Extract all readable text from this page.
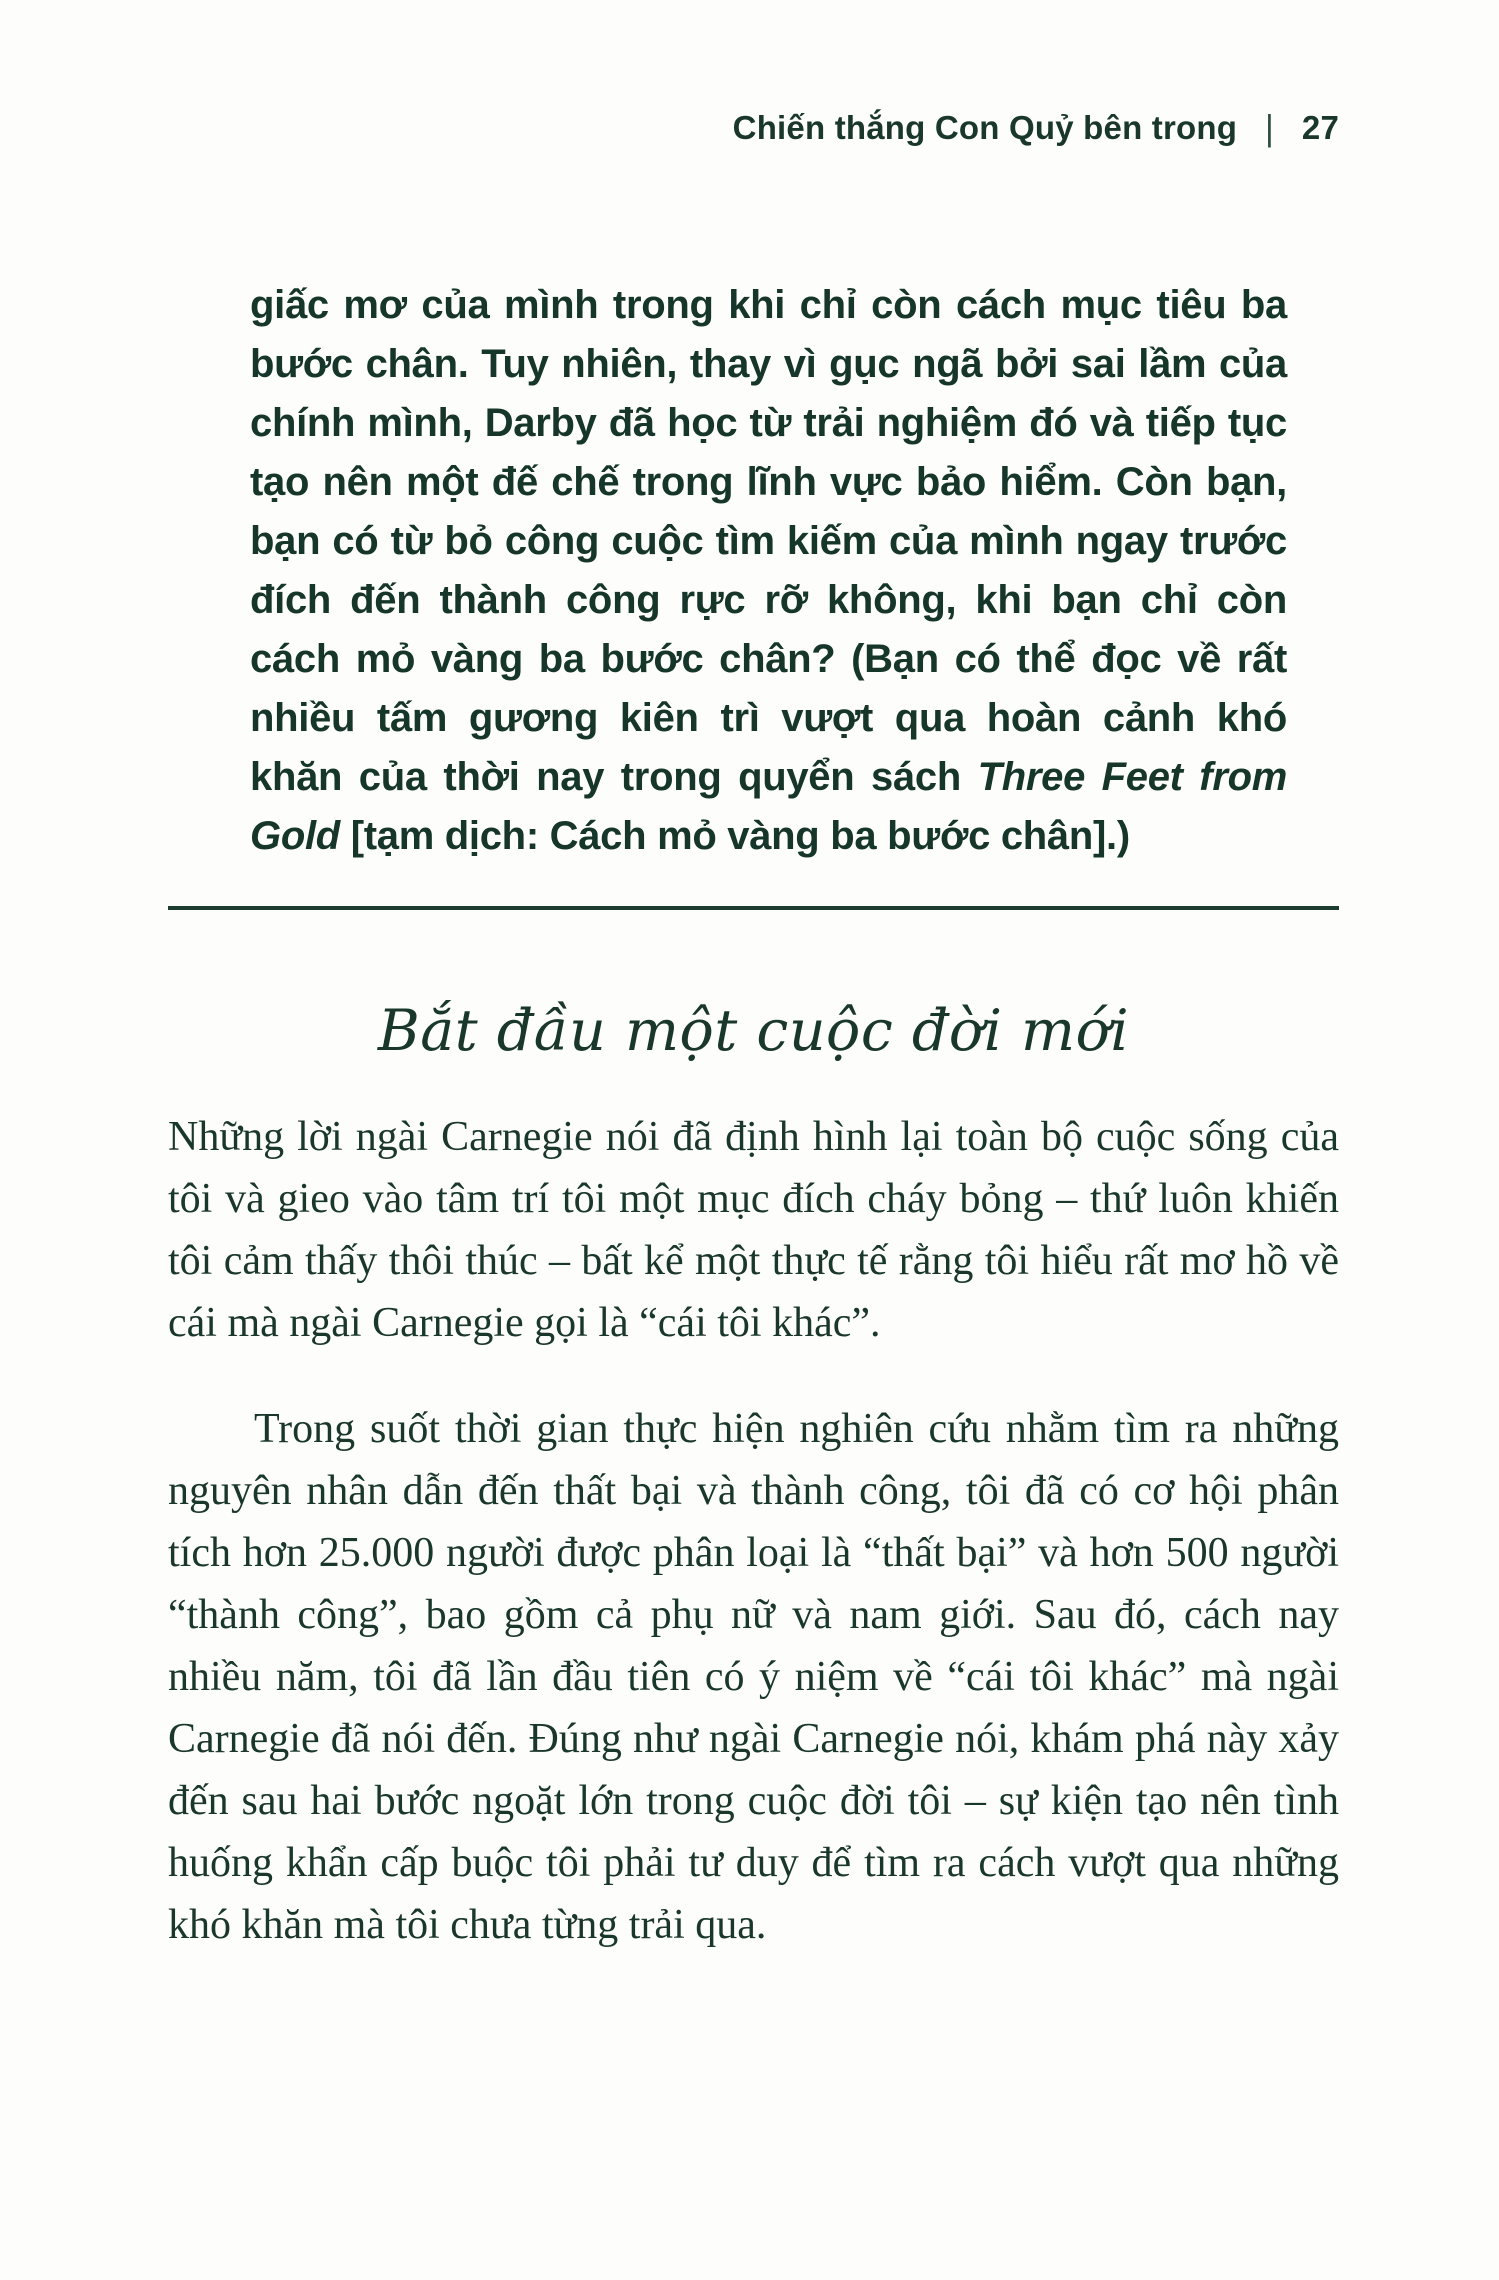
Chiến thắng Con Quỷ bên trong | 27
giấc mơ của mình trong khi chỉ còn cách mục tiêu ba bước chân. Tuy nhiên, thay vì gục ngã bởi sai lầm của chính mình, Darby đã học từ trải nghiệm đó và tiếp tục tạo nên một đế chế trong lĩnh vực bảo hiểm. Còn bạn, bạn có từ bỏ công cuộc tìm kiếm của mình ngay trước đích đến thành công rực rỡ không, khi bạn chỉ còn cách mỏ vàng ba bước chân? (Bạn có thể đọc về rất nhiều tấm gương kiên trì vượt qua hoàn cảnh khó khăn của thời nay trong quyển sách Three Feet from Gold [tạm dịch: Cách mỏ vàng ba bước chân].)
Bắt đầu một cuộc đời mới

Những lời ngài Carnegie nói đã định hình lại toàn bộ cuộc sống của tôi và gieo vào tâm trí tôi một mục đích cháy bỏng – thứ luôn khiến tôi cảm thấy thôi thúc – bất kể một thực tế rằng tôi hiểu rất mơ hồ về cái mà ngài Carnegie gọi là “cái tôi khác”.

Trong suốt thời gian thực hiện nghiên cứu nhằm tìm ra những nguyên nhân dẫn đến thất bại và thành công, tôi đã có cơ hội phân tích hơn 25.000 người được phân loại là “thất bại” và hơn 500 người “thành công”, bao gồm cả phụ nữ và nam giới. Sau đó, cách nay nhiều năm, tôi đã lần đầu tiên có ý niệm về “cái tôi khác” mà ngài Carnegie đã nói đến. Đúng như ngài Carnegie nói, khám phá này xảy đến sau hai bước ngoặt lớn trong cuộc đời tôi – sự kiện tạo nên tình huống khẩn cấp buộc tôi phải tư duy để tìm ra cách vượt qua những khó khăn mà tôi chưa từng trải qua.
